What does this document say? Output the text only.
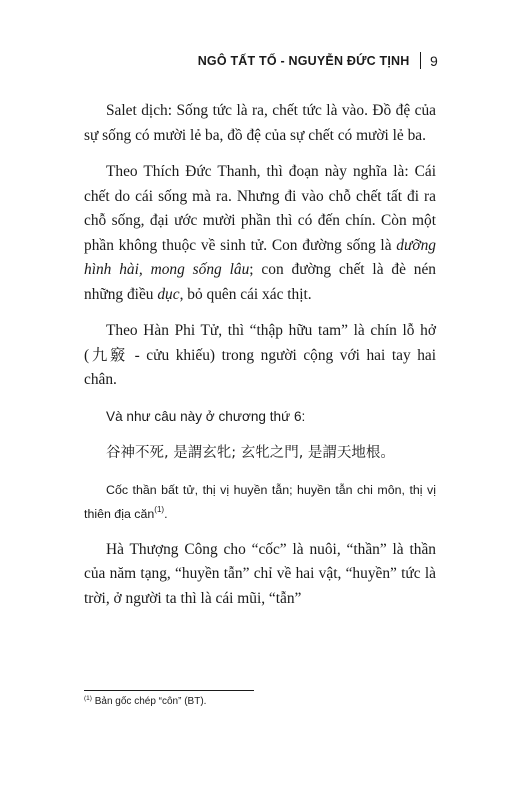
NGÔ TẤT TỐ - NGUYỄN ĐỨC TỊNH 9

Salet dịch: Sống tức là ra, chết tức là vào. Đồ đệ của sự sống có mười lẻ ba, đồ đệ của sự chết có mười lẻ ba.

Theo Thích Đức Thanh, thì đoạn này nghĩa là: Cái chết do cái sống mà ra. Nhưng đi vào chỗ chết tất đi ra chỗ sống, đại ước mười phần thì có đến chín. Còn một phần không thuộc về sinh tử. Con đường sống là dưỡng hình hài, mong sống lâu; con đường chết là đè nén những điều dục, bỏ quên cái xác thịt.

Theo Hàn Phi Tử, thì “thập hữu tam” là chín lỗ hở (九竅 - cửu khiếu) trong người cộng với hai tay hai chân.

Và như câu này ở chương thứ 6:

谷神不死, 是謂玄牝; 玄牝之門, 是謂天地根。

Cốc thần bất tử, thị vị huyền tẫn; huyền tẫn chi môn, thị vị thiên địa căn$^{(1)}$.

Hà Thượng Công cho “cốc” là nuôi, “thần” là thần của năm tạng, “huyền tẫn” chỉ về hai vật, “huyền” tức là trời, ở người ta thì là cái mũi, “tẫn”

$^{(1)}$ Bản gốc chép “côn” (BT).
